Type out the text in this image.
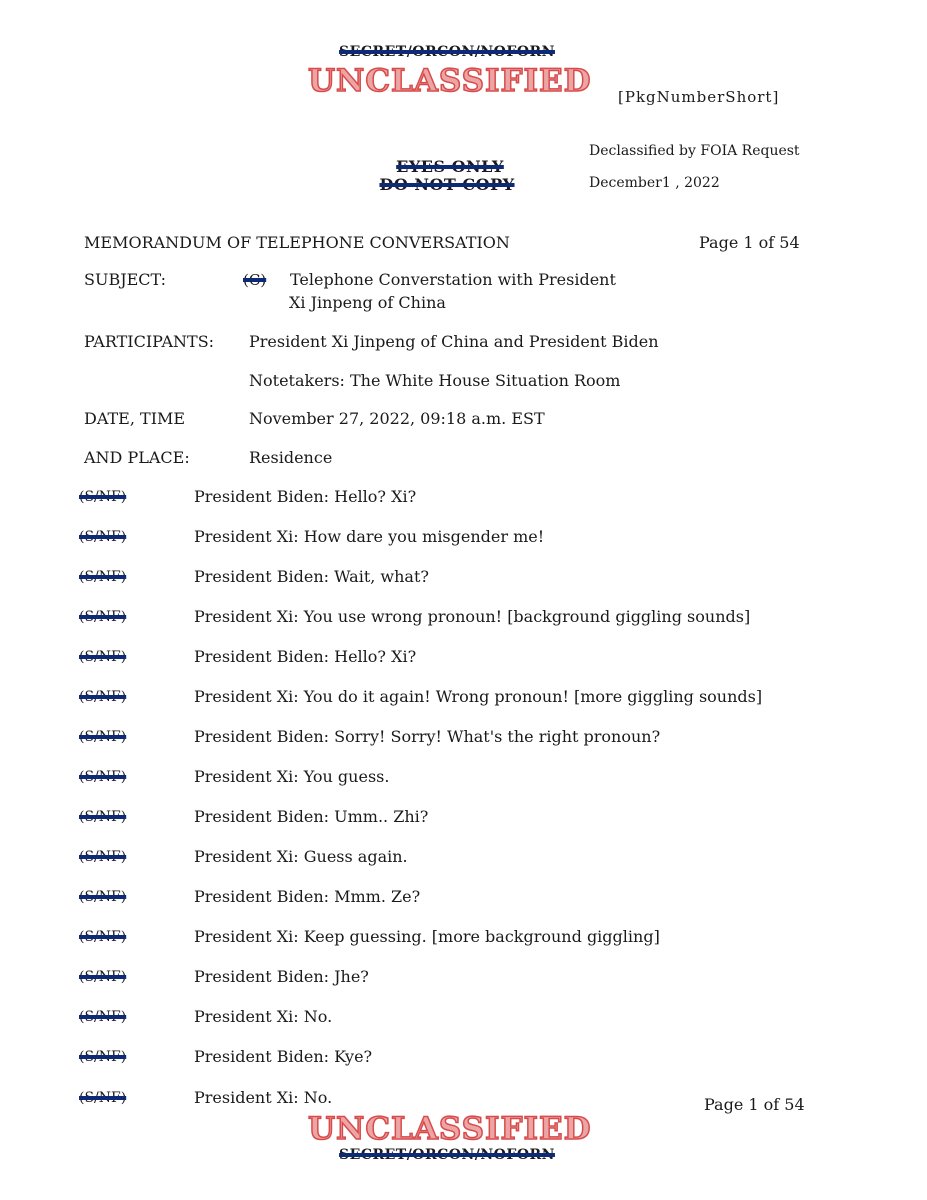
SECRET/ORCON/NOFORN
UNCLASSIFIED [PkgNumberShort]
EYES ONLY
DO NOT COPY
Declassified by FOIA Request
December1 , 2022
MEMORANDUM OF TELEPHONE CONVERSATION	Page 1 of 54
SUBJECT:	(C) Telephone Converstation with President
Xi Jinpeng of China
PARTICIPANTS: President Xi Jinpeng of China and President Biden
Notetakers: The White House Situation Room
DATE, TIME	November 27, 2022, 09:18 a.m. EST
AND PLACE:	Residence
(S/NF)	President Biden: Hello? Xi?
(S/NF)	President Xi: How dare you misgender me!
(S/NF)	President Biden: Wait, what?
(S/NF)	President Xi: You use wrong pronoun! [background giggling sounds]
(S/NF)	President Biden: Hello? Xi?
(S/NF)	President Xi: You do it again! Wrong pronoun! [more giggling sounds]
(S/NF)	President Biden: Sorry! Sorry! What's the right pronoun?
(S/NF)	President Xi: You guess.
(S/NF)	President Biden: Umm.. Zhi?
(S/NF)	President Xi: Guess again.
(S/NF)	President Biden: Mmm. Ze?
(S/NF)	President Xi: Keep guessing. [more background giggling]
(S/NF)	President Biden: Jhe?
(S/NF)	President Xi: No.
(S/NF)	President Biden: Kye?
(S/NF)	President Xi: No.	Page 1 of 54
UNCLASSIFIED
SECRET/ORCON/NOFORN
